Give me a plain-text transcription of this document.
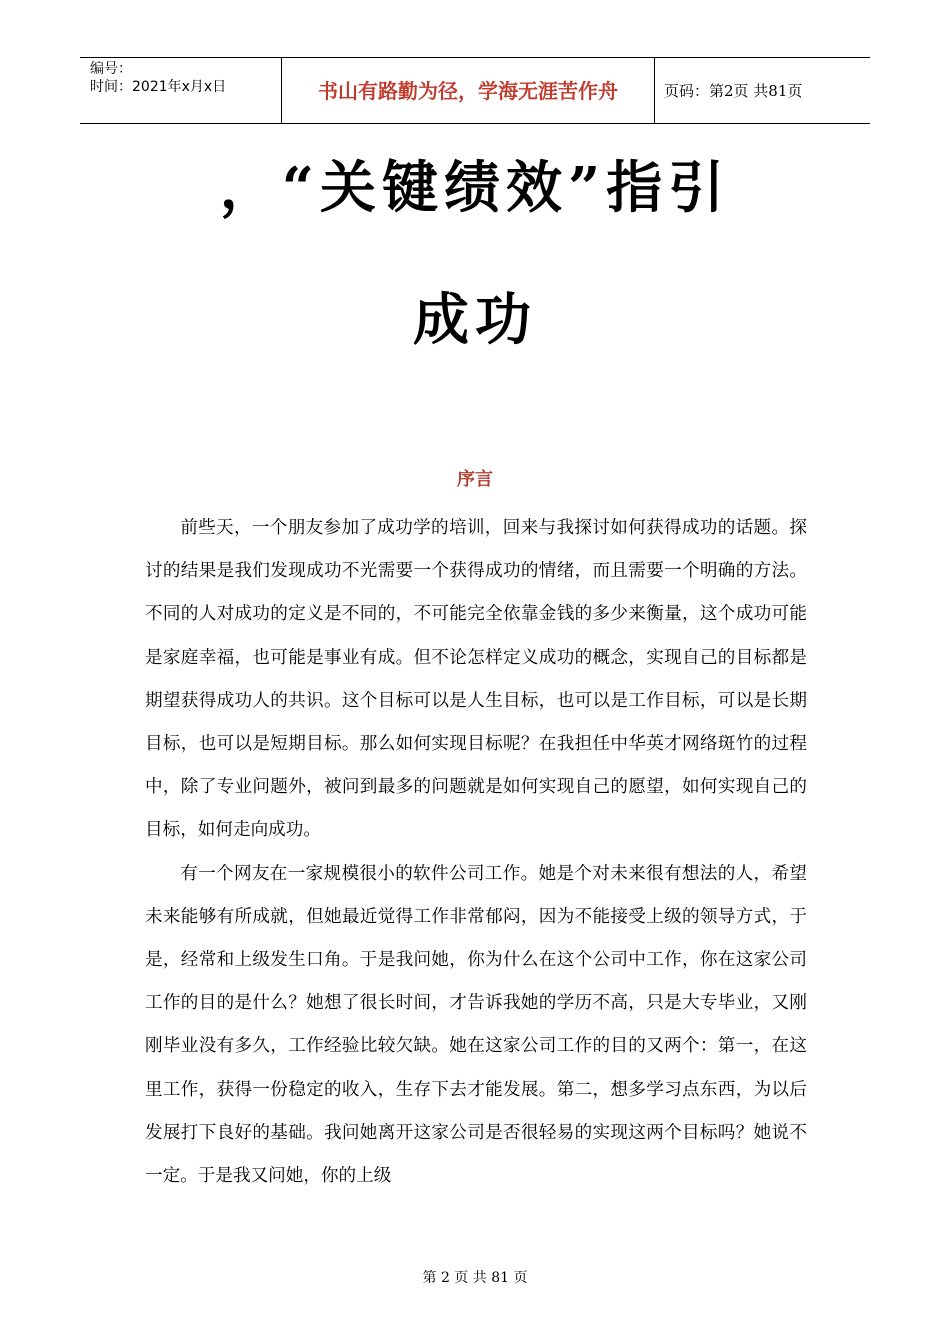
编号：
时间：2021年x月x日	书山有路勤为径，学海无涯苦作舟	页码：第2页 共81页
，“关键绩效”指引
成功
序言

前些天，一个朋友参加了成功学的培训，回来与我探讨如何获得成功的话题。探讨的结果是我们发现成功不光需要一个获得成功的情绪，而且需要一个明确的方法。不同的人对成功的定义是不同的，不可能完全依靠金钱的多少来衡量，这个成功可能是家庭幸福，也可能是事业有成。但不论怎样定义成功的概念，实现自己的目标都是期望获得成功人的共识。这个目标可以是人生目标，也可以是工作目标，可以是长期目标，也可以是短期目标。那么如何实现目标呢？在我担任中华英才网络斑竹的过程中，除了专业问题外，被问到最多的问题就是如何实现自己的愿望，如何实现自己的目标，如何走向成功。

有一个网友在一家规模很小的软件公司工作。她是个对未来很有想法的人，希望未来能够有所成就，但她最近觉得工作非常郁闷，因为不能接受上级的领导方式，于是，经常和上级发生口角。于是我问她，你为什么在这个公司中工作，你在这家公司工作的目的是什么？她想了很长时间，才告诉我她的学历不高，只是大专毕业，又刚刚毕业没有多久，工作经验比较欠缺。她在这家公司工作的目的又两个：第一，在这里工作，获得一份稳定的收入，生存下去才能发展。第二，想多学习点东西，为以后发展打下良好的基础。我问她离开这家公司是否很轻易的实现这两个目标吗？她说不一定。于是我又问她，你的上级

第 2 页 共 81 页
